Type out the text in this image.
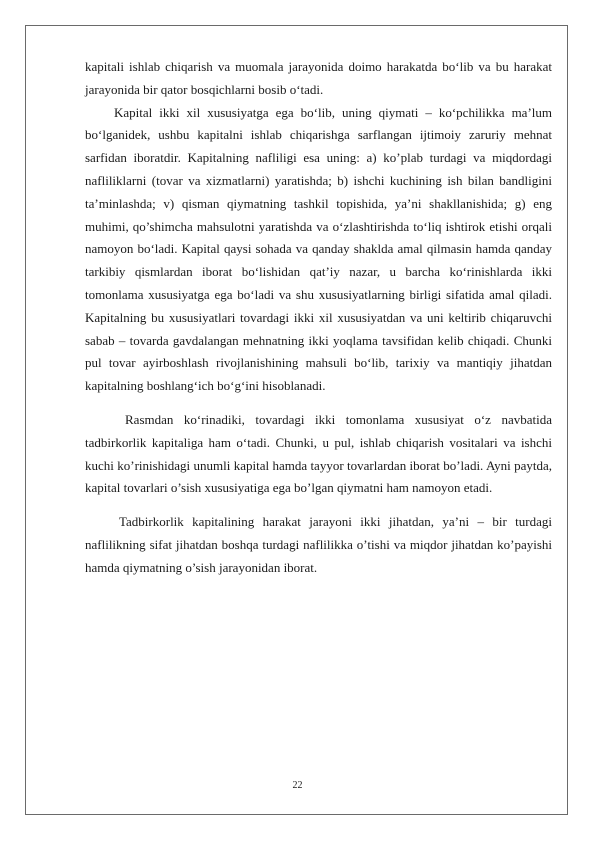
kapitali ishlab chiqarish va muomala jarayonida doimo harakatda bo‘lib va bu harakat jarayonida bir qator bosqichlarni bosib o‘tadi.

Kapital ikki xil xususiyatga ega bo‘lib, uning qiymati – ko‘pchilikka ma’lum bo‘lganidek, ushbu kapitalni ishlab chiqarishga sarflangan ijtimoiy zaruriy mehnat sarfidan iboratdir. Kapitalning nafliligi esa uning: a) ko’plab turdagi va miqdordagi nafliliklarni (tovar va xizmatlarni) yaratishda; b) ishchi kuchining ish bilan bandligini ta’minlashda; v) qisman qiymatning tashkil topishida, ya’ni shakllanishida; g) eng muhimi, qo’shimcha mahsulotni yaratishda va o‘zlashtirishda to‘liq ishtirok etishi orqali namoyon bo‘ladi. Kapital qaysi sohada va qanday shaklda amal qilmasin hamda qanday tarkibiy qismlardan iborat bo‘lishidan qat’iy nazar, u barcha ko‘rinishlarda ikki tomonlama xususiyatga ega bo‘ladi va shu xususiyatlarning birligi sifatida amal qiladi. Kapitalning bu xususiyatlari tovardagi ikki xil xususiyatdan va uni keltirib chiqaruvchi sabab – tovarda gavdalangan mehnatning ikki yoqlama tavsifidan kelib chiqadi. Chunki pul tovar ayirboshlash rivojlanishining mahsuli bo‘lib, tarixiy va mantiqiy jihatdan kapitalning boshlang‘ich bo‘g‘ini hisoblanadi.

Rasmdan ko‘rinadiki, tovardagi ikki tomonlama xususiyat o‘z navbatida tadbirkorlik kapitaliga ham o‘tadi. Chunki, u pul, ishlab chiqarish vositalari va ishchi kuchi ko’rinishidagi unumli kapital hamda tayyor tovarlardan iborat bo’ladi. Ayni paytda, kapital tovarlari o’sish xususiyatiga ega bo’lgan qiymatni ham namoyon etadi.

Tadbirkorlik kapitalining harakat jarayoni ikki jihatdan, ya’ni – bir turdagi naflilikning sifat jihatdan boshqa turdagi naflilikka o’tishi va miqdor jihatdan ko’payishi hamda qiymatning o’sish jarayonidan iborat.

22
